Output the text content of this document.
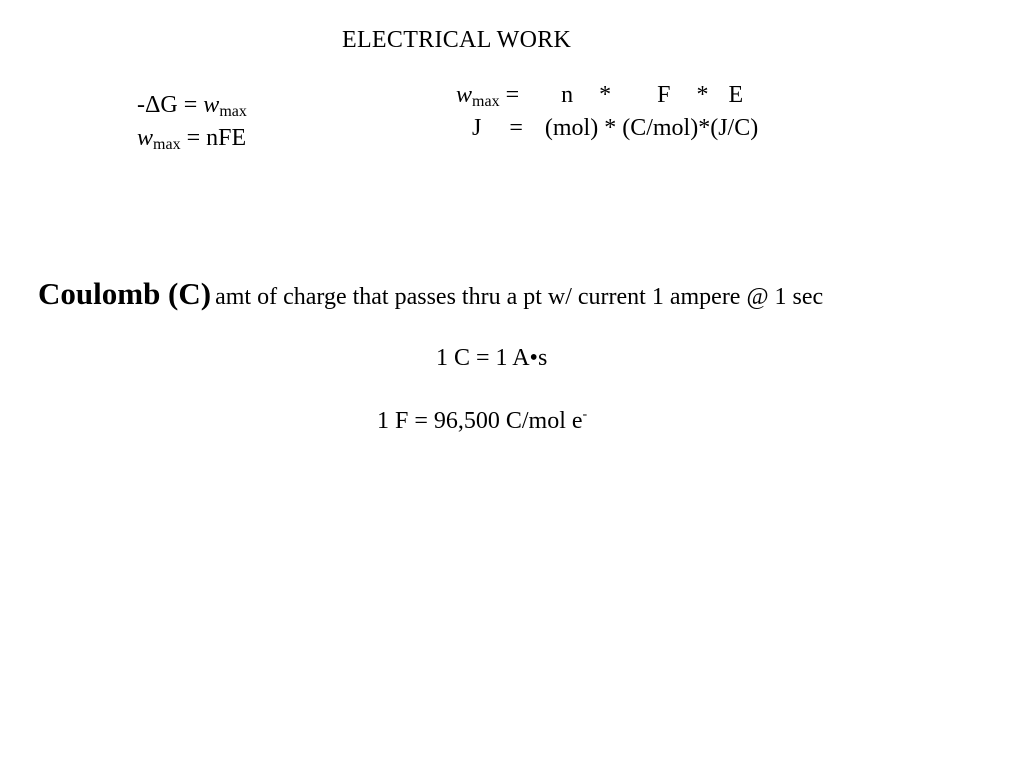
ELECTRICAL WORK
$-\Delta G = w_{max}$
$w_{max}$ = nFE
$w_{max} = n * F * E$
J = (mol) * (C/mol)*(J/C)
Coulomb (C) amt of charge that passes thru a pt w/ current 1 ampere @ 1 sec
1 C = 1 A•s
1 F = 96,500 C/mol e-
